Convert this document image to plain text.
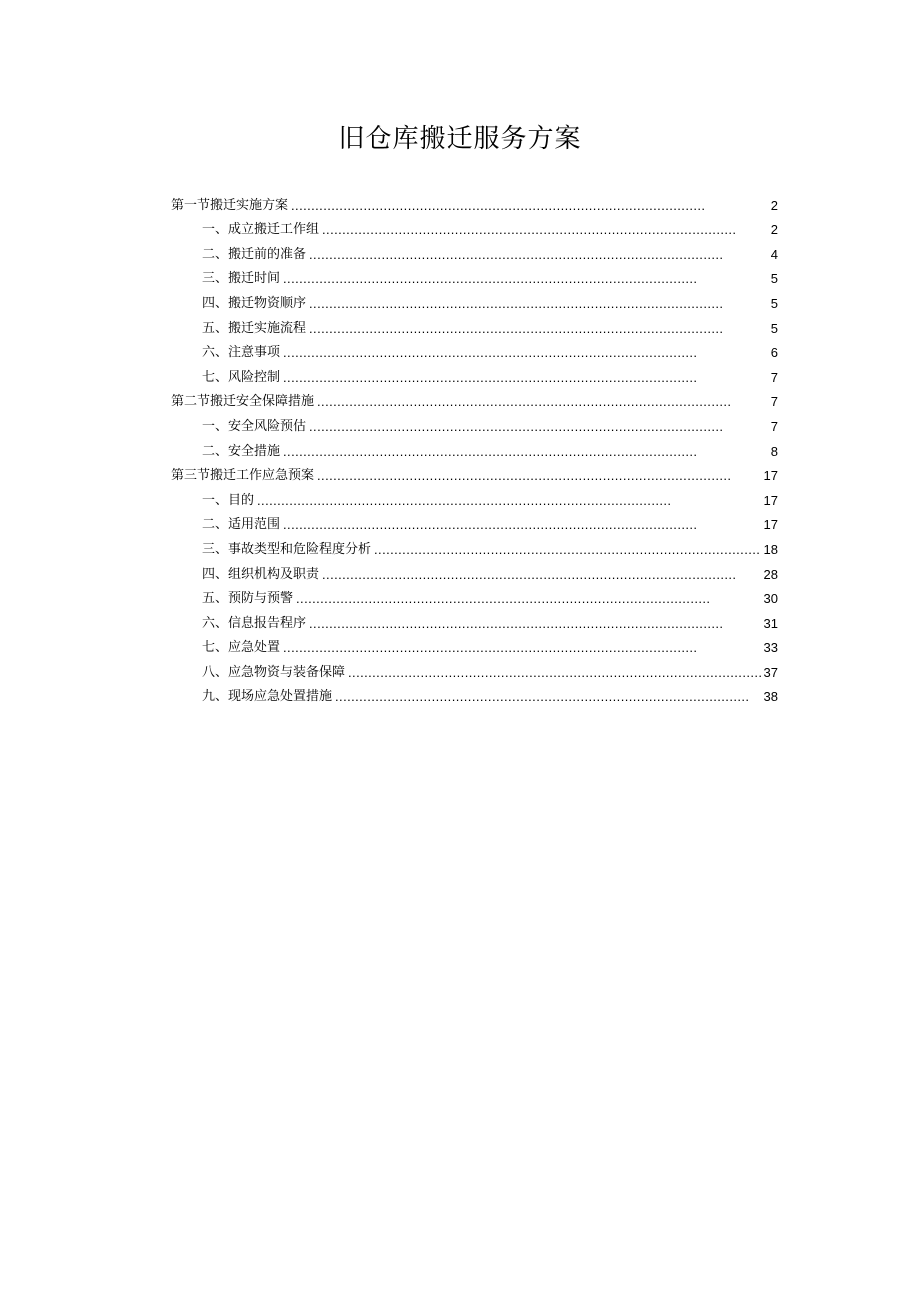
旧仓库搬迁服务方案
第一节搬迁实施方案 . . .	2
一、成立搬迁工作组 . . .	2
二、搬迁前的准备 . . .	4
三、搬迁时间 . . .	5
四、搬迁物资顺序 . . .	5
五、搬迁实施流程 . . .	5
六、注意事项 . . .	6
七、风险控制 . . .	7
第二节搬迁安全保障措施 . . .	7
一、安全风险预估 . . .	7
二、安全措施 . . .	8
第三节搬迁工作应急预案 . . .	17
一、目的 . . .	17
二、适用范围 . . .	17
三、事故类型和危险程度分析 . . .	18
四、组织机构及职责 . . .	28
五、预防与预警 . . .	30
六、信息报告程序 . . .	31
七、应急处置 . . .	33
八、应急物资与装备保障 . . .	37
九、现场应急处置措施 . . .	38
